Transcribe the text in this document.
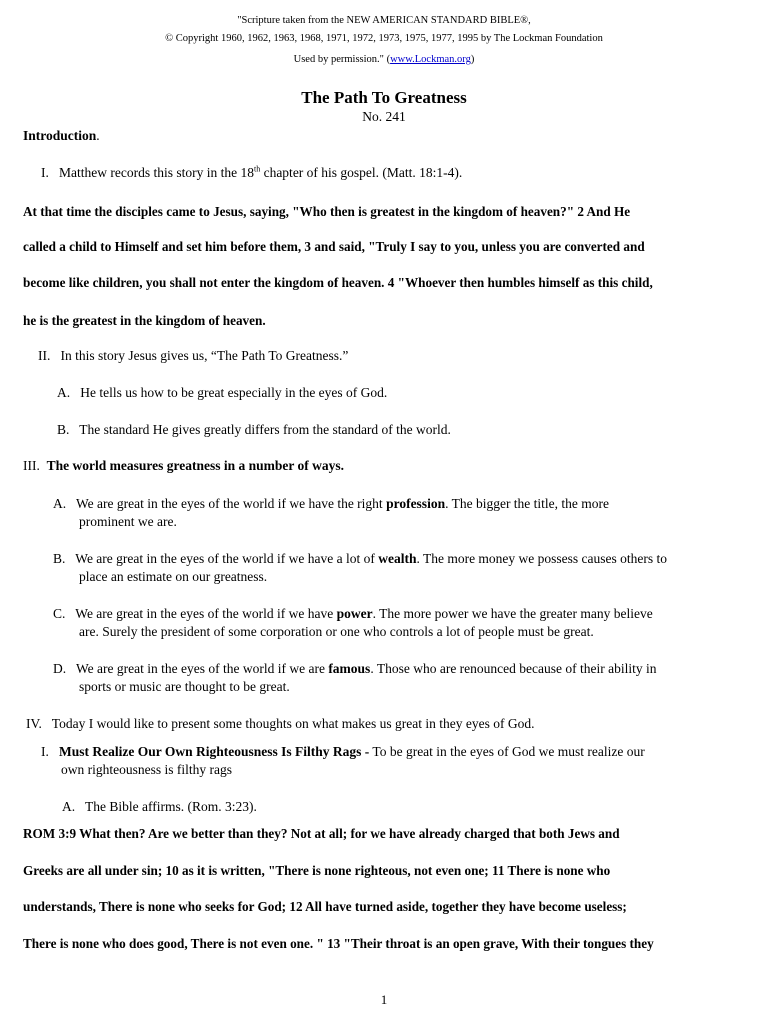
"Scripture taken from the NEW AMERICAN STANDARD BIBLE®,
© Copyright 1960, 1962, 1963, 1968, 1971, 1972, 1973, 1975, 1977, 1995 by The Lockman Foundation
Used by permission." (www.Lockman.org)
The Path To Greatness
No. 241
Introduction.
I. Matthew records this story in the 18th chapter of his gospel. (Matt. 18:1-4).
At that time the disciples came to Jesus, saying, "Who then is greatest in the kingdom of heaven?" 2 And He
called a child to Himself and set him before them, 3 and said, "Truly I say to you, unless you are converted and
become like children, you shall not enter the kingdom of heaven. 4 "Whoever then humbles himself as this child,
he is the greatest in the kingdom of heaven.
II. In this story Jesus gives us, “The Path To Greatness.”
A. He tells us how to be great especially in the eyes of God.
B. The standard He gives greatly differs from the standard of the world.
III. The world measures greatness in a number of ways.
A. We are great in the eyes of the world if we have the right profession. The bigger the title, the more
prominent we are.
B. We are great in the eyes of the world if we have a lot of wealth. The more money we possess causes others to
place an estimate on our greatness.
C. We are great in the eyes of the world if we have power. The more power we have the greater many believe
are. Surely the president of some corporation or one who controls a lot of people must be great.
D. We are great in the eyes of the world if we are famous. Those who are renounced because of their ability in
sports or music are thought to be great.
IV. Today I would like to present some thoughts on what makes us great in they eyes of God.
I. Must Realize Our Own Righteousness Is Filthy Rags - To be great in the eyes of God we must realize our
own righteousness is filthy rags
A. The Bible affirms. (Rom. 3:23).
ROM 3:9 What then? Are we better than they? Not at all; for we have already charged that both Jews and
Greeks are all under sin; 10 as it is written, "There is none righteous, not even one; 11 There is none who
understands, There is none who seeks for God; 12 All have turned aside, together they have become useless;
There is none who does good, There is not even one. " 13 "Their throat is an open grave, With their tongues they
1
